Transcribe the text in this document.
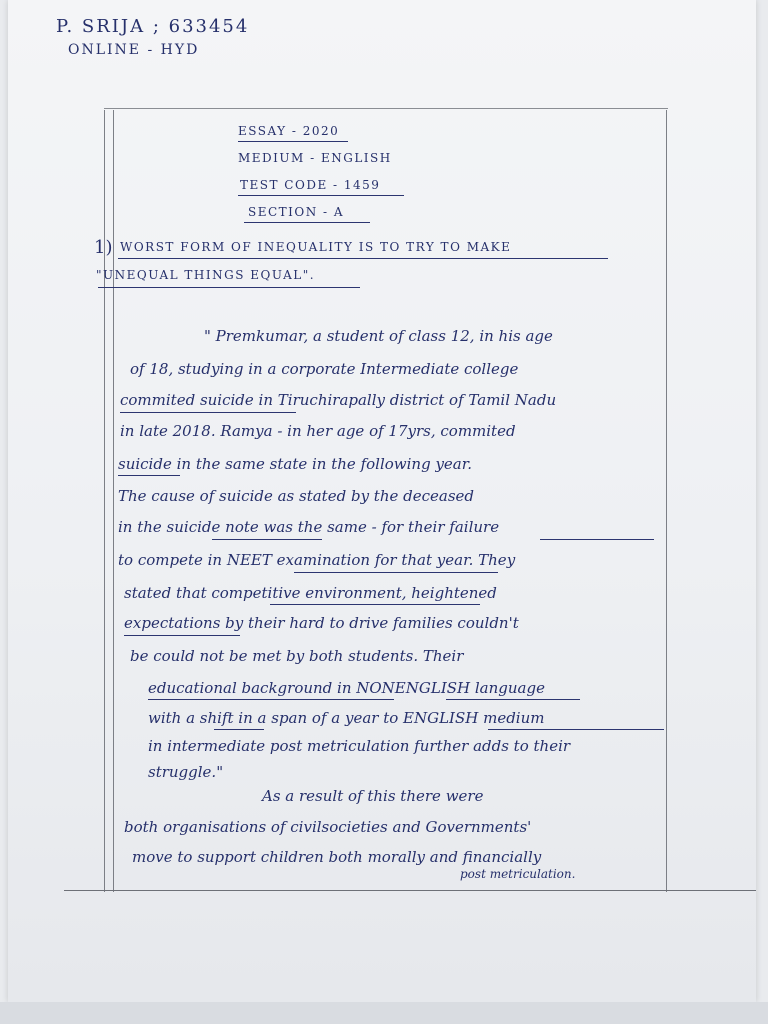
P. SRIJA ; 633454
ONLINE - HYD
ESSAY - 2020
MEDIUM - ENGLISH
TEST CODE - 1459
SECTION - A
1) WORST FORM OF INEQUALITY IS TO TRY TO MAKE
"UNEQUAL THINGS EQUAL".
" Premkumar, a student of class 12, in his age
of 18, studying in a corporate Intermediate college
commited suicide in Tiruchirapally district of Tamil Nadu
in late 2018. Ramya - in her age of 17yrs, commited
suicide in the same state in the following year.
The cause of suicide as stated by the deceased
in the suicide note was the same - for their failure
to compete in NEET examination for that year. They
stated that competitive environment, heightened
expectations by their hard to drive families couldn't
be could not be met by both students. Their
educational background in NONENGLISH language
with a shift in a span of a year to ENGLISH medium
in intermediate post metriculation further adds to their
struggle."
As a result of this there were
both organisations of civilsocieties and Governments'
move to support children both morally and financially
post metriculation.
